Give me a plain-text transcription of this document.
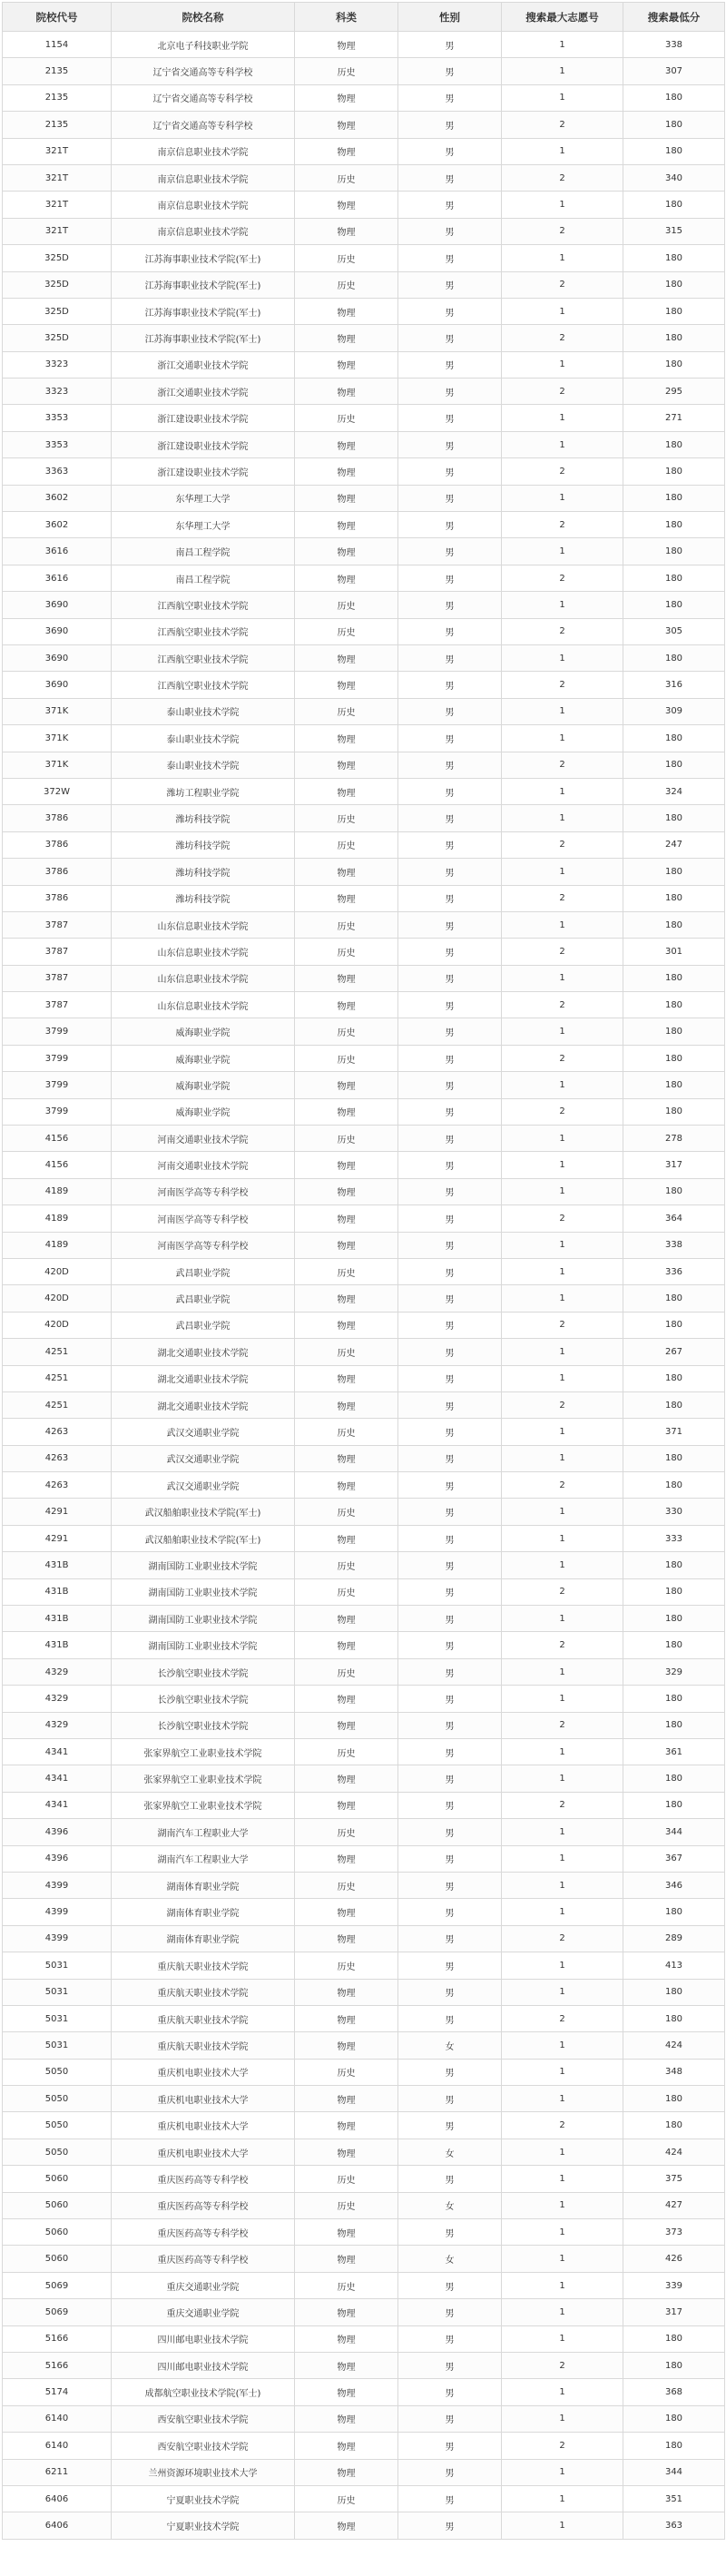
院校代号	院校名称	科类	性别	搜索最大志愿号	搜索最低分
1154	北京电子科技职业学院	物理	男	1	338
2135	辽宁省交通高等专科学校	历史	男	1	307
2135	辽宁省交通高等专科学校	物理	男	1	180
2135	辽宁省交通高等专科学校	物理	男	2	180
321T	南京信息职业技术学院	物理	男	1	180
321T	南京信息职业技术学院	历史	男	2	340
321T	南京信息职业技术学院	物理	男	1	180
321T	南京信息职业技术学院	物理	男	2	315
325D	江苏海事职业技术学院(军士)	历史	男	1	180
325D	江苏海事职业技术学院(军士)	历史	男	2	180
325D	江苏海事职业技术学院(军士)	物理	男	1	180
325D	江苏海事职业技术学院(军士)	物理	男	2	180
3323	浙江交通职业技术学院	物理	男	1	180
3323	浙江交通职业技术学院	物理	男	2	295
3353	浙江建设职业技术学院	历史	男	1	271
3353	浙江建设职业技术学院	物理	男	1	180
3363	浙江建设职业技术学院	物理	男	2	180
3602	东华理工大学	物理	男	1	180
3602	东华理工大学	物理	男	2	180
3616	南昌工程学院	物理	男	1	180
3616	南昌工程学院	物理	男	2	180
3690	江西航空职业技术学院	历史	男	1	180
3690	江西航空职业技术学院	历史	男	2	305
3690	江西航空职业技术学院	物理	男	1	180
3690	江西航空职业技术学院	物理	男	2	316
371K	泰山职业技术学院	历史	男	1	309
371K	泰山职业技术学院	物理	男	1	180
371K	泰山职业技术学院	物理	男	2	180
372W	潍坊工程职业学院	物理	男	1	324
3786	潍坊科技学院	历史	男	1	180
3786	潍坊科技学院	历史	男	2	247
3786	潍坊科技学院	物理	男	1	180
3786	潍坊科技学院	物理	男	2	180
3787	山东信息职业技术学院	历史	男	1	180
3787	山东信息职业技术学院	历史	男	2	301
3787	山东信息职业技术学院	物理	男	1	180
3787	山东信息职业技术学院	物理	男	2	180
3799	威海职业学院	历史	男	1	180
3799	威海职业学院	历史	男	2	180
3799	威海职业学院	物理	男	1	180
3799	威海职业学院	物理	男	2	180
4156	河南交通职业技术学院	历史	男	1	278
4156	河南交通职业技术学院	物理	男	1	317
4189	河南医学高等专科学校	物理	男	1	180
4189	河南医学高等专科学校	物理	男	2	364
4189	河南医学高等专科学校	物理	男	1	338
420D	武昌职业学院	历史	男	1	336
420D	武昌职业学院	物理	男	1	180
420D	武昌职业学院	物理	男	2	180
4251	湖北交通职业技术学院	历史	男	1	267
4251	湖北交通职业技术学院	物理	男	1	180
4251	湖北交通职业技术学院	物理	男	2	180
4263	武汉交通职业学院	历史	男	1	371
4263	武汉交通职业学院	物理	男	1	180
4263	武汉交通职业学院	物理	男	2	180
4291	武汉船舶职业技术学院(军士)	历史	男	1	330
4291	武汉船舶职业技术学院(军士)	物理	男	1	333
431B	湖南国防工业职业技术学院	历史	男	1	180
431B	湖南国防工业职业技术学院	历史	男	2	180
431B	湖南国防工业职业技术学院	物理	男	1	180
431B	湖南国防工业职业技术学院	物理	男	2	180
4329	长沙航空职业技术学院	历史	男	1	329
4329	长沙航空职业技术学院	物理	男	1	180
4329	长沙航空职业技术学院	物理	男	2	180
4341	张家界航空工业职业技术学院	历史	男	1	361
4341	张家界航空工业职业技术学院	物理	男	1	180
4341	张家界航空工业职业技术学院	物理	男	2	180
4396	湖南汽车工程职业大学	历史	男	1	344
4396	湖南汽车工程职业大学	物理	男	1	367
4399	湖南体育职业学院	历史	男	1	346
4399	湖南体育职业学院	物理	男	1	180
4399	湖南体育职业学院	物理	男	2	289
5031	重庆航天职业技术学院	历史	男	1	413
5031	重庆航天职业技术学院	物理	男	1	180
5031	重庆航天职业技术学院	物理	男	2	180
5031	重庆航天职业技术学院	物理	女	1	424
5050	重庆机电职业技术大学	历史	男	1	348
5050	重庆机电职业技术大学	物理	男	1	180
5050	重庆机电职业技术大学	物理	男	2	180
5050	重庆机电职业技术大学	物理	女	1	424
5060	重庆医药高等专科学校	历史	男	1	375
5060	重庆医药高等专科学校	历史	女	1	427
5060	重庆医药高等专科学校	物理	男	1	373
5060	重庆医药高等专科学校	物理	女	1	426
5069	重庆交通职业学院	历史	男	1	339
5069	重庆交通职业学院	物理	男	1	317
5166	四川邮电职业技术学院	物理	男	1	180
5166	四川邮电职业技术学院	物理	男	2	180
5174	成都航空职业技术学院(军士)	物理	男	1	368
6140	西安航空职业技术学院	物理	男	1	180
6140	西安航空职业技术学院	物理	男	2	180
6211	兰州资源环境职业技术大学	物理	男	1	344
6406	宁夏职业技术学院	历史	男	1	351
6406	宁夏职业技术学院	物理	男	1	363
